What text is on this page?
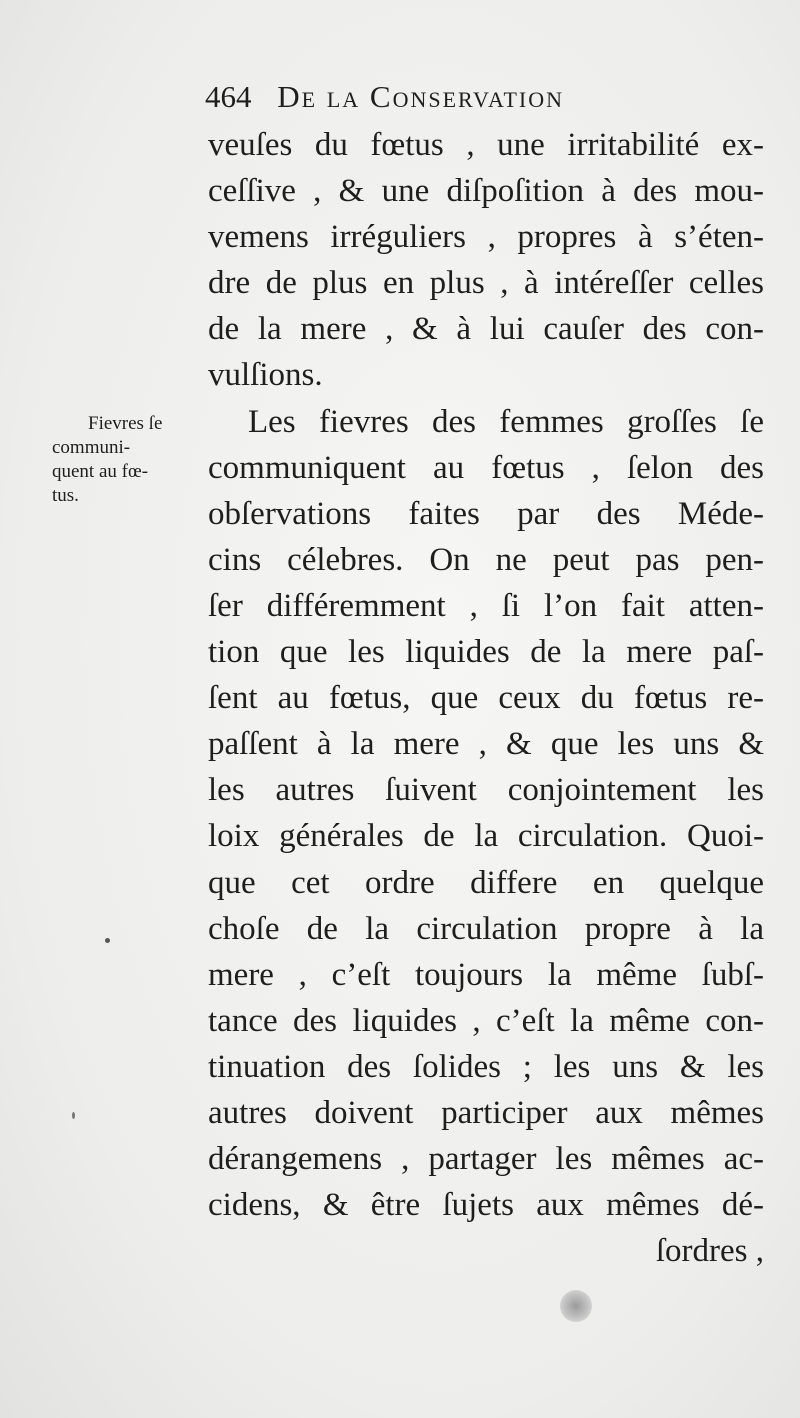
464 De la Conservation
Fievres ſe
communi-
quent au fœ-
tus.
veuſes du fœtus , une irritabilité ex-
ceſſive , & une diſpoſition à des mou-
vemens irréguliers , propres à s’éten-
dre de plus en plus , à intéreſſer celles
de la mere , & à lui cauſer des con-
vulſions.
Les fievres des femmes groſſes ſe
communiquent au fœtus , ſelon des
obſervations faites par des Méde-
cins célebres. On ne peut pas pen-
ſer différemment , ſi l’on fait atten-
tion que les liquides de la mere paſ-
ſent au fœtus, que ceux du fœtus re-
paſſent à la mere , & que les uns &
les autres ſuivent conjointement les
loix générales de la circulation. Quoi-
que cet ordre differe en quelque
choſe de la circulation propre à la
mere , c’eſt toujours la même ſubſ-
tance des liquides , c’eſt la même con-
tinuation des ſolides ; les uns & les
autres doivent participer aux mêmes
dérangemens , partager les mêmes ac-
cidens, & être ſujets aux mêmes dé-
ſordres ,
